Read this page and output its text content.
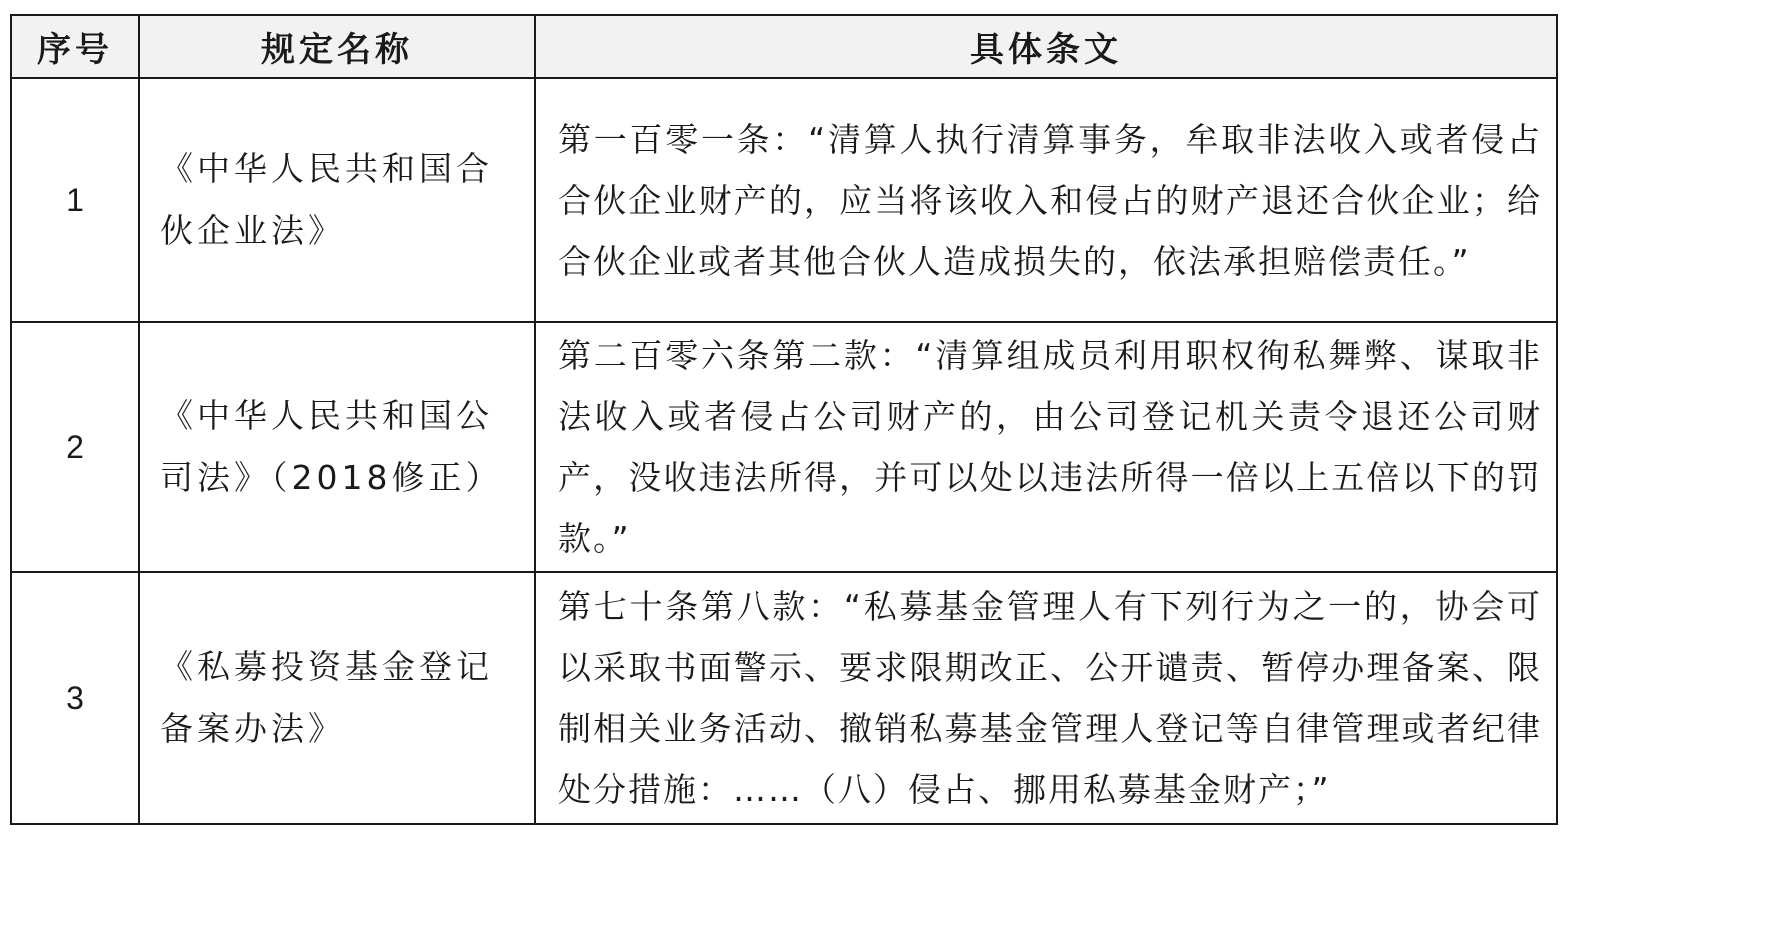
序号	规定名称	具体条文
1	《中华人民共和国合伙企业法》	第一百零一条：“清算人执行清算事务，牟取非法收入或者侵占合伙企业财产的，应当将该收入和侵占的财产退还合伙企业；给合伙企业或者其他合伙人造成损失的，依法承担赔偿责任。”

2	《中华人民共和国公司法》（2018修正）	第二百零六条第二款：“清算组成员利用职权徇私舞弊、谋取非法收入或者侵占公司财产的，由公司登记机关责令退还公司财产，没收违法所得，并可以处以违法所得一倍以上五倍以下的罚款。”

3	《私募投资基金登记备案办法》	第七十条第八款：“私募基金管理人有下列行为之一的，协会可以采取书面警示、要求限期改正、公开谴责、暂停办理备案、限制相关业务活动、撤销私募基金管理人登记等自律管理或者纪律处分措施：……（八）侵占、挪用私募基金财产；”
